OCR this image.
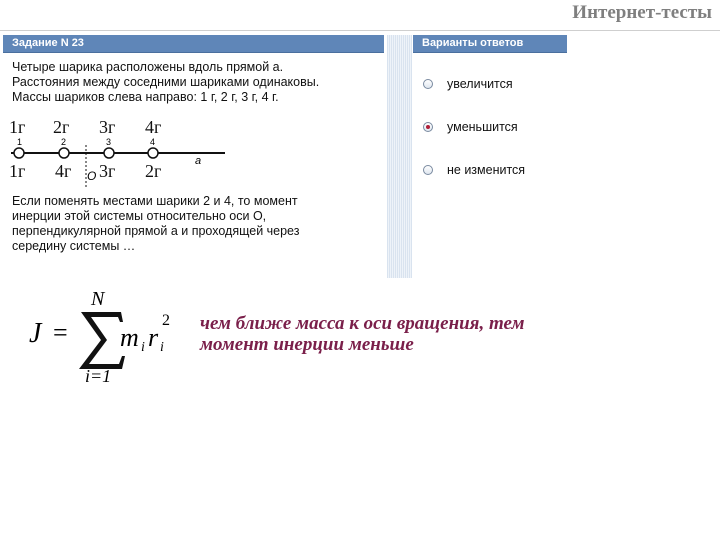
Интернет-тесты
Задание N 23
Четыре шарика расположены вдоль прямой a.
Расстояния между соседними шариками одинаковы.
Массы шариков слева направо: 1 г, 2 г, 3 г, 4 г.
1г 2г 3г 4г
1	2	3	4
a
1г 4г O 3г 2г
Если поменять местами шарики 2 и 4, то момент
инерции этой системы относительно оси O,
перпендикулярной прямой a и проходящей через
середину системы …
Варианты ответов
увеличится
уменьшится
не изменится
J =
N
i=1
m i r i
2 чем ближе масса к оси вращения, тем
момент инерции меньше
